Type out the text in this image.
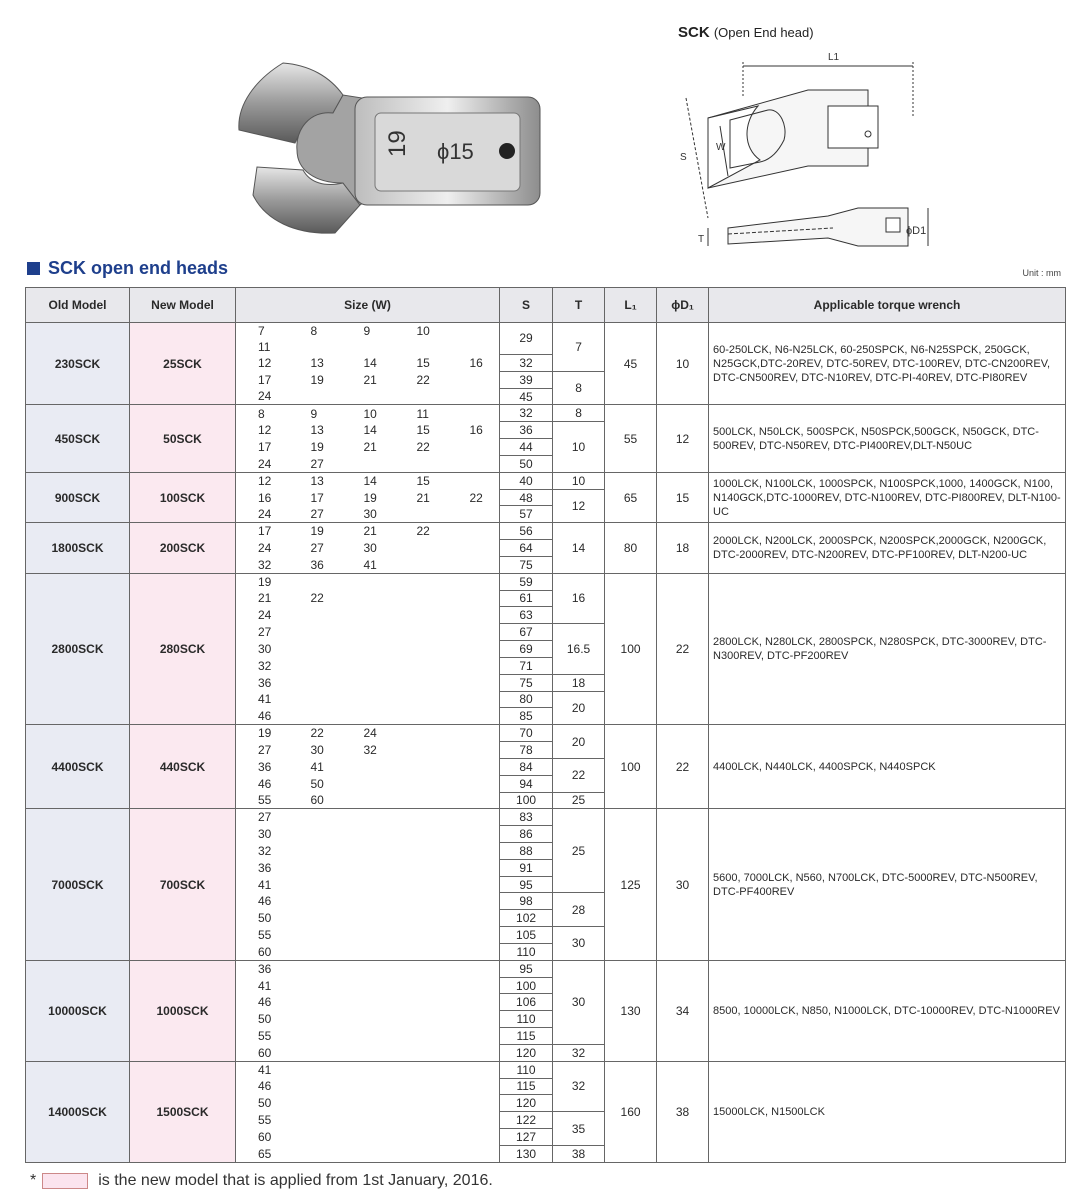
19 ϕ15
SCK (Open End head)
L1
S
W
T
ϕD1
SCK open end heads	Unit : mm
Old Model	New Model	Size (W)					S	T	L₁	ϕD₁	Applicable torque wrench
230SCK	25SCK	7	8	9	10		29	7	45	10	60-250LCK, N6-N25LCK, 60-250SPCK, N6-N25SPCK, 250GCK, N25GCK,DTC-20REV, DTC-50REV, DTC-100REV, DTC-CN200REV, DTC-CN500REV, DTC-N10REV, DTC-PI-40REV, DTC-PI80REV
		11									
		12	13	14	15	16	32				
		17	19	21	22		39	8			
		24					45				
450SCK	50SCK	8	9	10	11		32	8	55	12	500LCK, N50LCK, 500SPCK, N50SPCK,500GCK, N50GCK, DTC-500REV, DTC-N50REV, DTC-PI400REV,DLT-N50UC
		12	13	14	15	16	36	10			
		17	19	21	22		44				
		24	27				50				
900SCK	100SCK	12	13	14	15		40	10	65	15	1000LCK, N100LCK, 1000SPCK, N100SPCK,1000, 1400GCK, N100, N140GCK,DTC-1000REV, DTC-N100REV, DTC-PI800REV, DLT-N100-UC
		16	17	19	21	22	48	12			
		24	27	30			57				
1800SCK	200SCK	17	19	21	22		56	14	80	18	2000LCK, N200LCK, 2000SPCK, N200SPCK,2000GCK, N200GCK, DTC-2000REV, DTC-N200REV, DTC-PF100REV, DLT-N200-UC
		24	27	30			64				
		32	36	41			75				
2800SCK	280SCK	19					59	16	100	22	2800LCK, N280LCK, 2800SPCK, N280SPCK, DTC-3000REV, DTC-N300REV, DTC-PF200REV
		21	22				61				
		24					63				
		27					67	16.5			
		30					69				
		32					71				
		36					75	18			
		41					80	20			
		46					85				
4400SCK	440SCK	19	22	24			70	20	100	22	4400LCK, N440LCK, 4400SPCK, N440SPCK
		27	30	32			78				
		36	41				84	22			
		46	50				94				
		55	60				100	25			
7000SCK	700SCK	27					83	25	125	30	5600, 7000LCK, N560, N700LCK, DTC-5000REV, DTC-N500REV, DTC-PF400REV
		30					86				
		32					88				
		36					91				
		41					95				
		46					98	28			
		50					102				
		55					105	30			
		60					110				
10000SCK	1000SCK	36					95	30	130	34	8500, 10000LCK, N850, N1000LCK, DTC-10000REV, DTC-N1000REV
		41					100				
		46					106				
		50					110				
		55					115				
		60					120	32			
14000SCK	1500SCK	41					110	32	160	38	15000LCK, N1500LCK
		46					115				
		50					120				
		55					122	35			
		60					127				
		65					130	38			
*	is the new model that is applied from 1st January, 2016.
